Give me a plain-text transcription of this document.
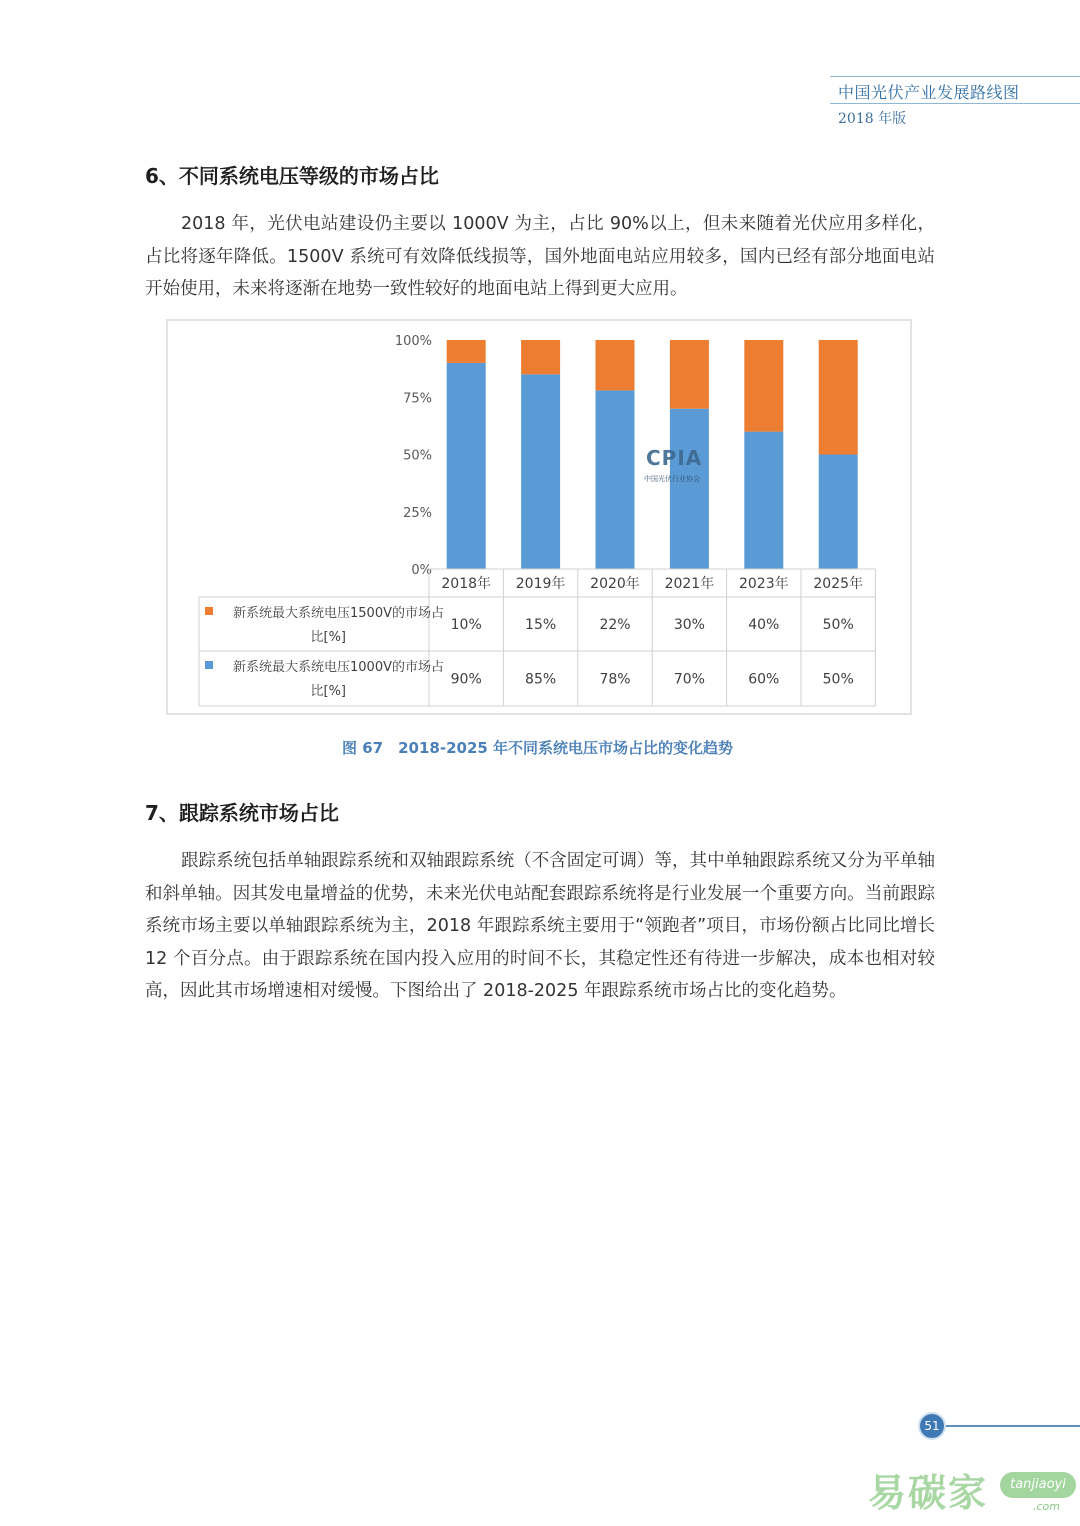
中国光伏产业发展路线图
2018 年版
6、不同系统电压等级的市场占比

2018 年，光伏电站建设仍主要以 1000V 为主，占比 90%以上，但未来随着光伏应用多样化，占比将逐年降低。1500V 系统可有效降低线损等，国外地面电站应用较多，国内已经有部分地面电站开始使用，未来将逐渐在地势一致性较好的地面电站上得到更大应用。

0%
25%
50%
75%
100%
2018年 2019年 2020年 2021年 2023年 2025年
新系统最大系统电压1500V的市场占
比[%]
10%	15%	22%	30%	40%	50%
新系统最大系统电压1000V的市场占
比[%]
90%	85%	78%	70%	60%	50%
CPIA
中国光伏行业协会
图 67　2018-2025 年不同系统电压市场占比的变化趋势
7、跟踪系统市场占比

跟踪系统包括单轴跟踪系统和双轴跟踪系统（不含固定可调）等，其中单轴跟踪系统又分为平单轴和斜单轴。因其发电量增益的优势，未来光伏电站配套跟踪系统将是行业发展一个重要方向。当前跟踪系统市场主要以单轴跟踪系统为主，2018 年跟踪系统主要用于“领跑者”项目，市场份额占比同比增长 12 个百分点。由于跟踪系统在国内投入应用的时间不长，其稳定性还有待进一步解决，成本也相对较高，因此其市场增速相对缓慢。下图给出了 2018-2025 年跟踪系统市场占比的变化趋势。

51
易碳家	tanjiaoyi
.com
